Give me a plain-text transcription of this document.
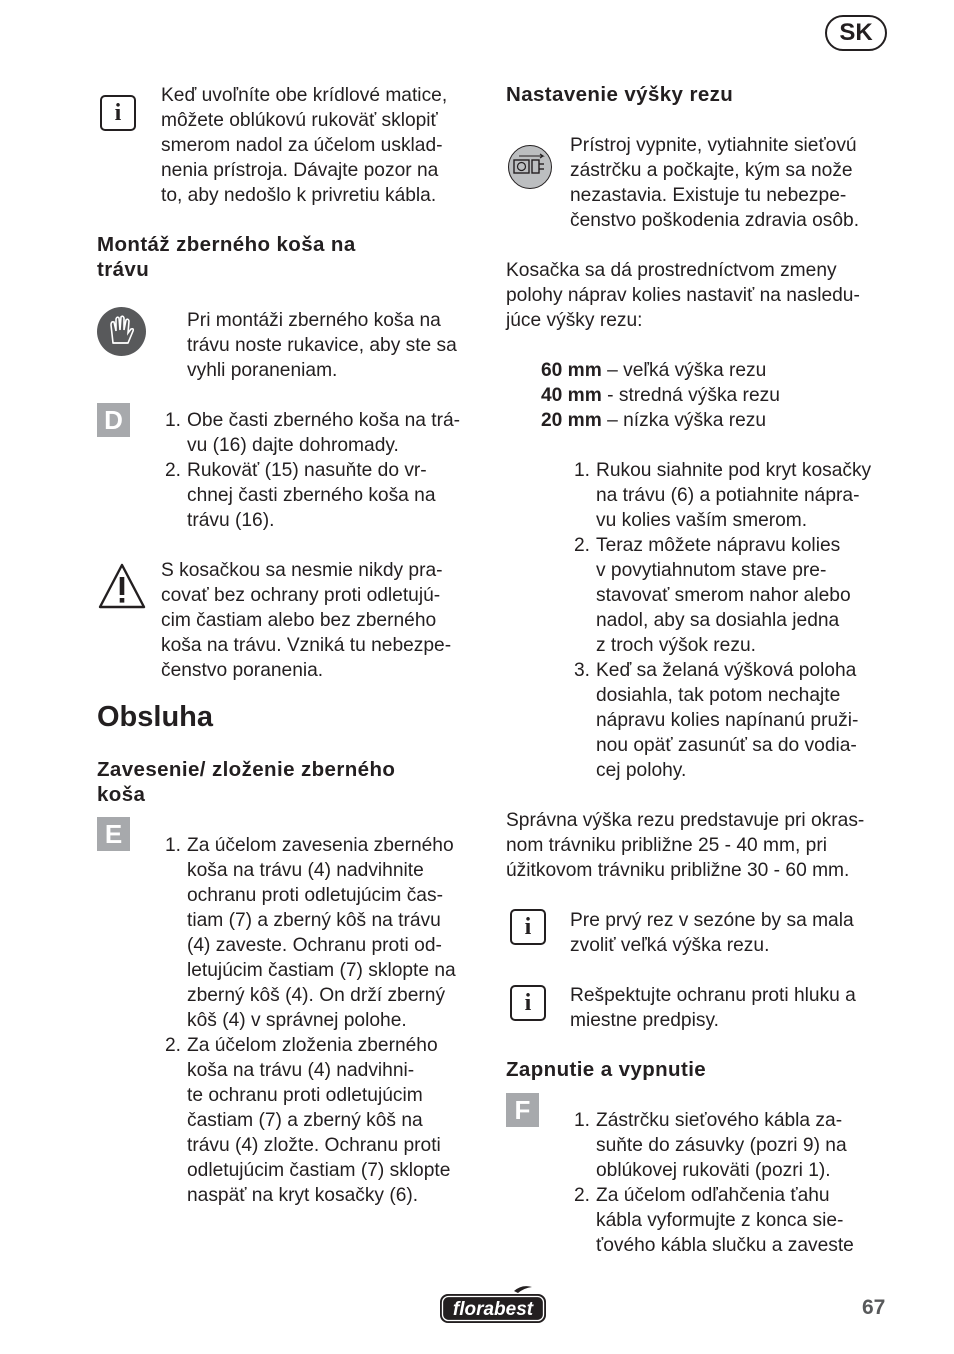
SK
i
Keď uvoľníte obe krídlové matice,
môžete oblúkovú rukoväť sklopiť
smerom nadol za účelom usklad-
nenia prístroja. Dávajte pozor na
to, aby nedošlo k privretiu kábla.
Montáž zberného koša na
trávu
Pri montáži zberného koša na
trávu noste rukavice, aby ste sa
vyhli poraneniam.
D	1. Obe časti zberného koša na trá-
vu (16) dajte dohromady.
2. Rukoväť (15) nasuňte do vr-
chnej časti zberného koša na
trávu (16).
S kosačkou sa nesmie nikdy pra-
covať bez ochrany proti odletujú-
cim častiam alebo bez zberného
koša na trávu. Vzniká tu nebezpe-
čenstvo poranenia.
Obsluha
Zavesenie/ zloženie zberného
koša
E	1. Za účelom zavesenia zberného
koša na trávu (4) nadvihnite
ochranu proti odletujúcim čas-
tiam (7) a zberný kôš na trávu
(4) zaveste. Ochranu proti od-
letujúcim častiam (7) sklopte na
zberný kôš (4). On drží zberný
kôš (4) v správnej polohe.
2. Za účelom zloženia zberného
koša na trávu (4) nadvihni-
te ochranu proti odletujúcim
častiam (7) a zberný kôš na
trávu (4) zložte. Ochranu proti
odletujúcim častiam (7) sklopte
naspäť na kryt kosačky (6).
Nastavenie výšky rezu
Prístroj vypnite, vytiahnite sieťovú
zástrčku a počkajte, kým sa nože
nezastavia. Existuje tu nebezpe-
čenstvo poškodenia zdravia osôb.
Kosačka sa dá prostredníctvom zmeny
polohy náprav kolies nastaviť na nasledu-
júce výšky rezu:
60 mm – veľká výška rezu
40 mm - stredná výška rezu
20 mm – nízka výška rezu
1. Rukou siahnite pod kryt kosačky
na trávu (6) a potiahnite nápra-
vu kolies vaším smerom.
2. Teraz môžete nápravu kolies
v povytiahnutom stave pre-
stavovať smerom nahor alebo
nadol, aby sa dosiahla jedna
z troch výšok rezu.
3. Keď sa želaná výšková poloha
dosiahla, tak potom nechajte
nápravu kolies napínanú pruži-
nou opäť zasunúť sa do vodia-
cej polohy.
Správna výška rezu predstavuje pri okras-
nom trávniku približne 25 - 40 mm, pri
úžitkovom trávniku približne 30 - 60 mm.
i	Pre prvý rez v sezóne by sa mala
zvoliť veľká výška rezu.
i	Rešpektujte ochranu proti hluku a
miestne predpisy.
Zapnutie a vypnutie
F	1. Zástrčku sieťového kábla za-
suňte do zásuvky (pozri 9) na
oblúkovej rukoväti (pozri 1).
2. Za účelom odľahčenia ťahu
kábla vyformujte z konca sie-
ťového kábla slučku a zaveste
florabest	67
